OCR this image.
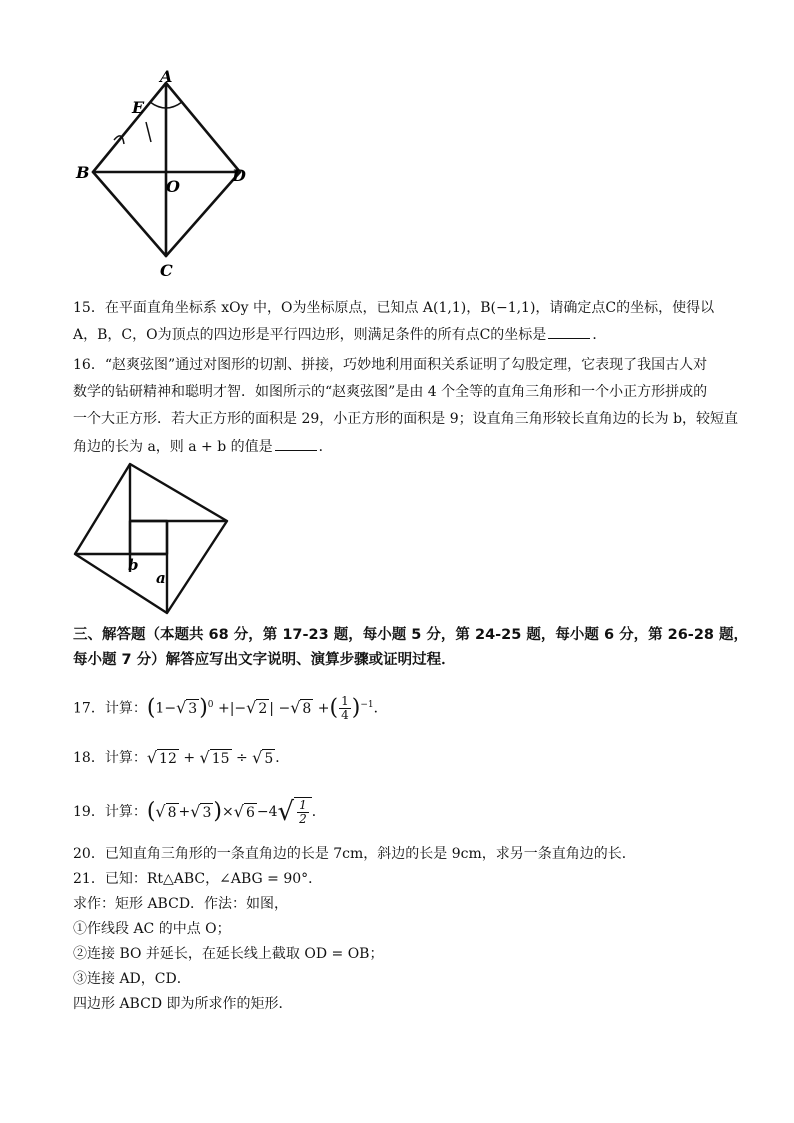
A
E
B
O
D
C
15．在平面直角坐标系 xOy 中，O为坐标原点，已知点 A(1,1)，B(−1,1)，请确定点C的坐标，使得以
A，B，C，O为顶点的四边形是平行四边形，则满足条件的所有点C的坐标是	．
16．“赵爽弦图”通过对图形的切割、拼接，巧妙地利用面积关系证明了勾股定理，它表现了我国古人对
数学的钻研精神和聪明才智．如图所示的“赵爽弦图”是由 4 个全等的直角三角形和一个小正方形拼成的
一个大正方形．若大正方形的面积是 29，小正方形的面积是 9；设直角三角形较长直角边的长为 b，较短直
角边的长为 a，则 a + b 的值是	．
b
a
三、解答题（本题共 68 分，第 17-23 题，每小题 5 分，第 24-25 题，每小题 6 分，第 26-28 题，
每小题 7 分）解答应写出文字说明、演算步骤或证明过程．
17．计算：(1− √ 3 )$^0$ +|− √ 2 | − √ 8 +( $\frac{1}{4} )^{-1}$．
18．计算： √ 12 + √ 15 ÷ √ 5 ．
19．计算：( √ 8 + √ 3 )× √ 6 −4 √ $\frac{1}{2}$ ．
20．已知直角三角形的一条直角边的长是 7cm，斜边的长是 9cm，求另一条直角边的长．
21．已知：Rt△ABC，∠ABG = 90°．
求作：矩形 ABCD．作法：如图，
①作线段 AC 的中点 O；
②连接 BO 并延长，在延长线上截取 OD = OB；
③连接 AD，CD．
四边形 ABCD 即为所求作的矩形．
